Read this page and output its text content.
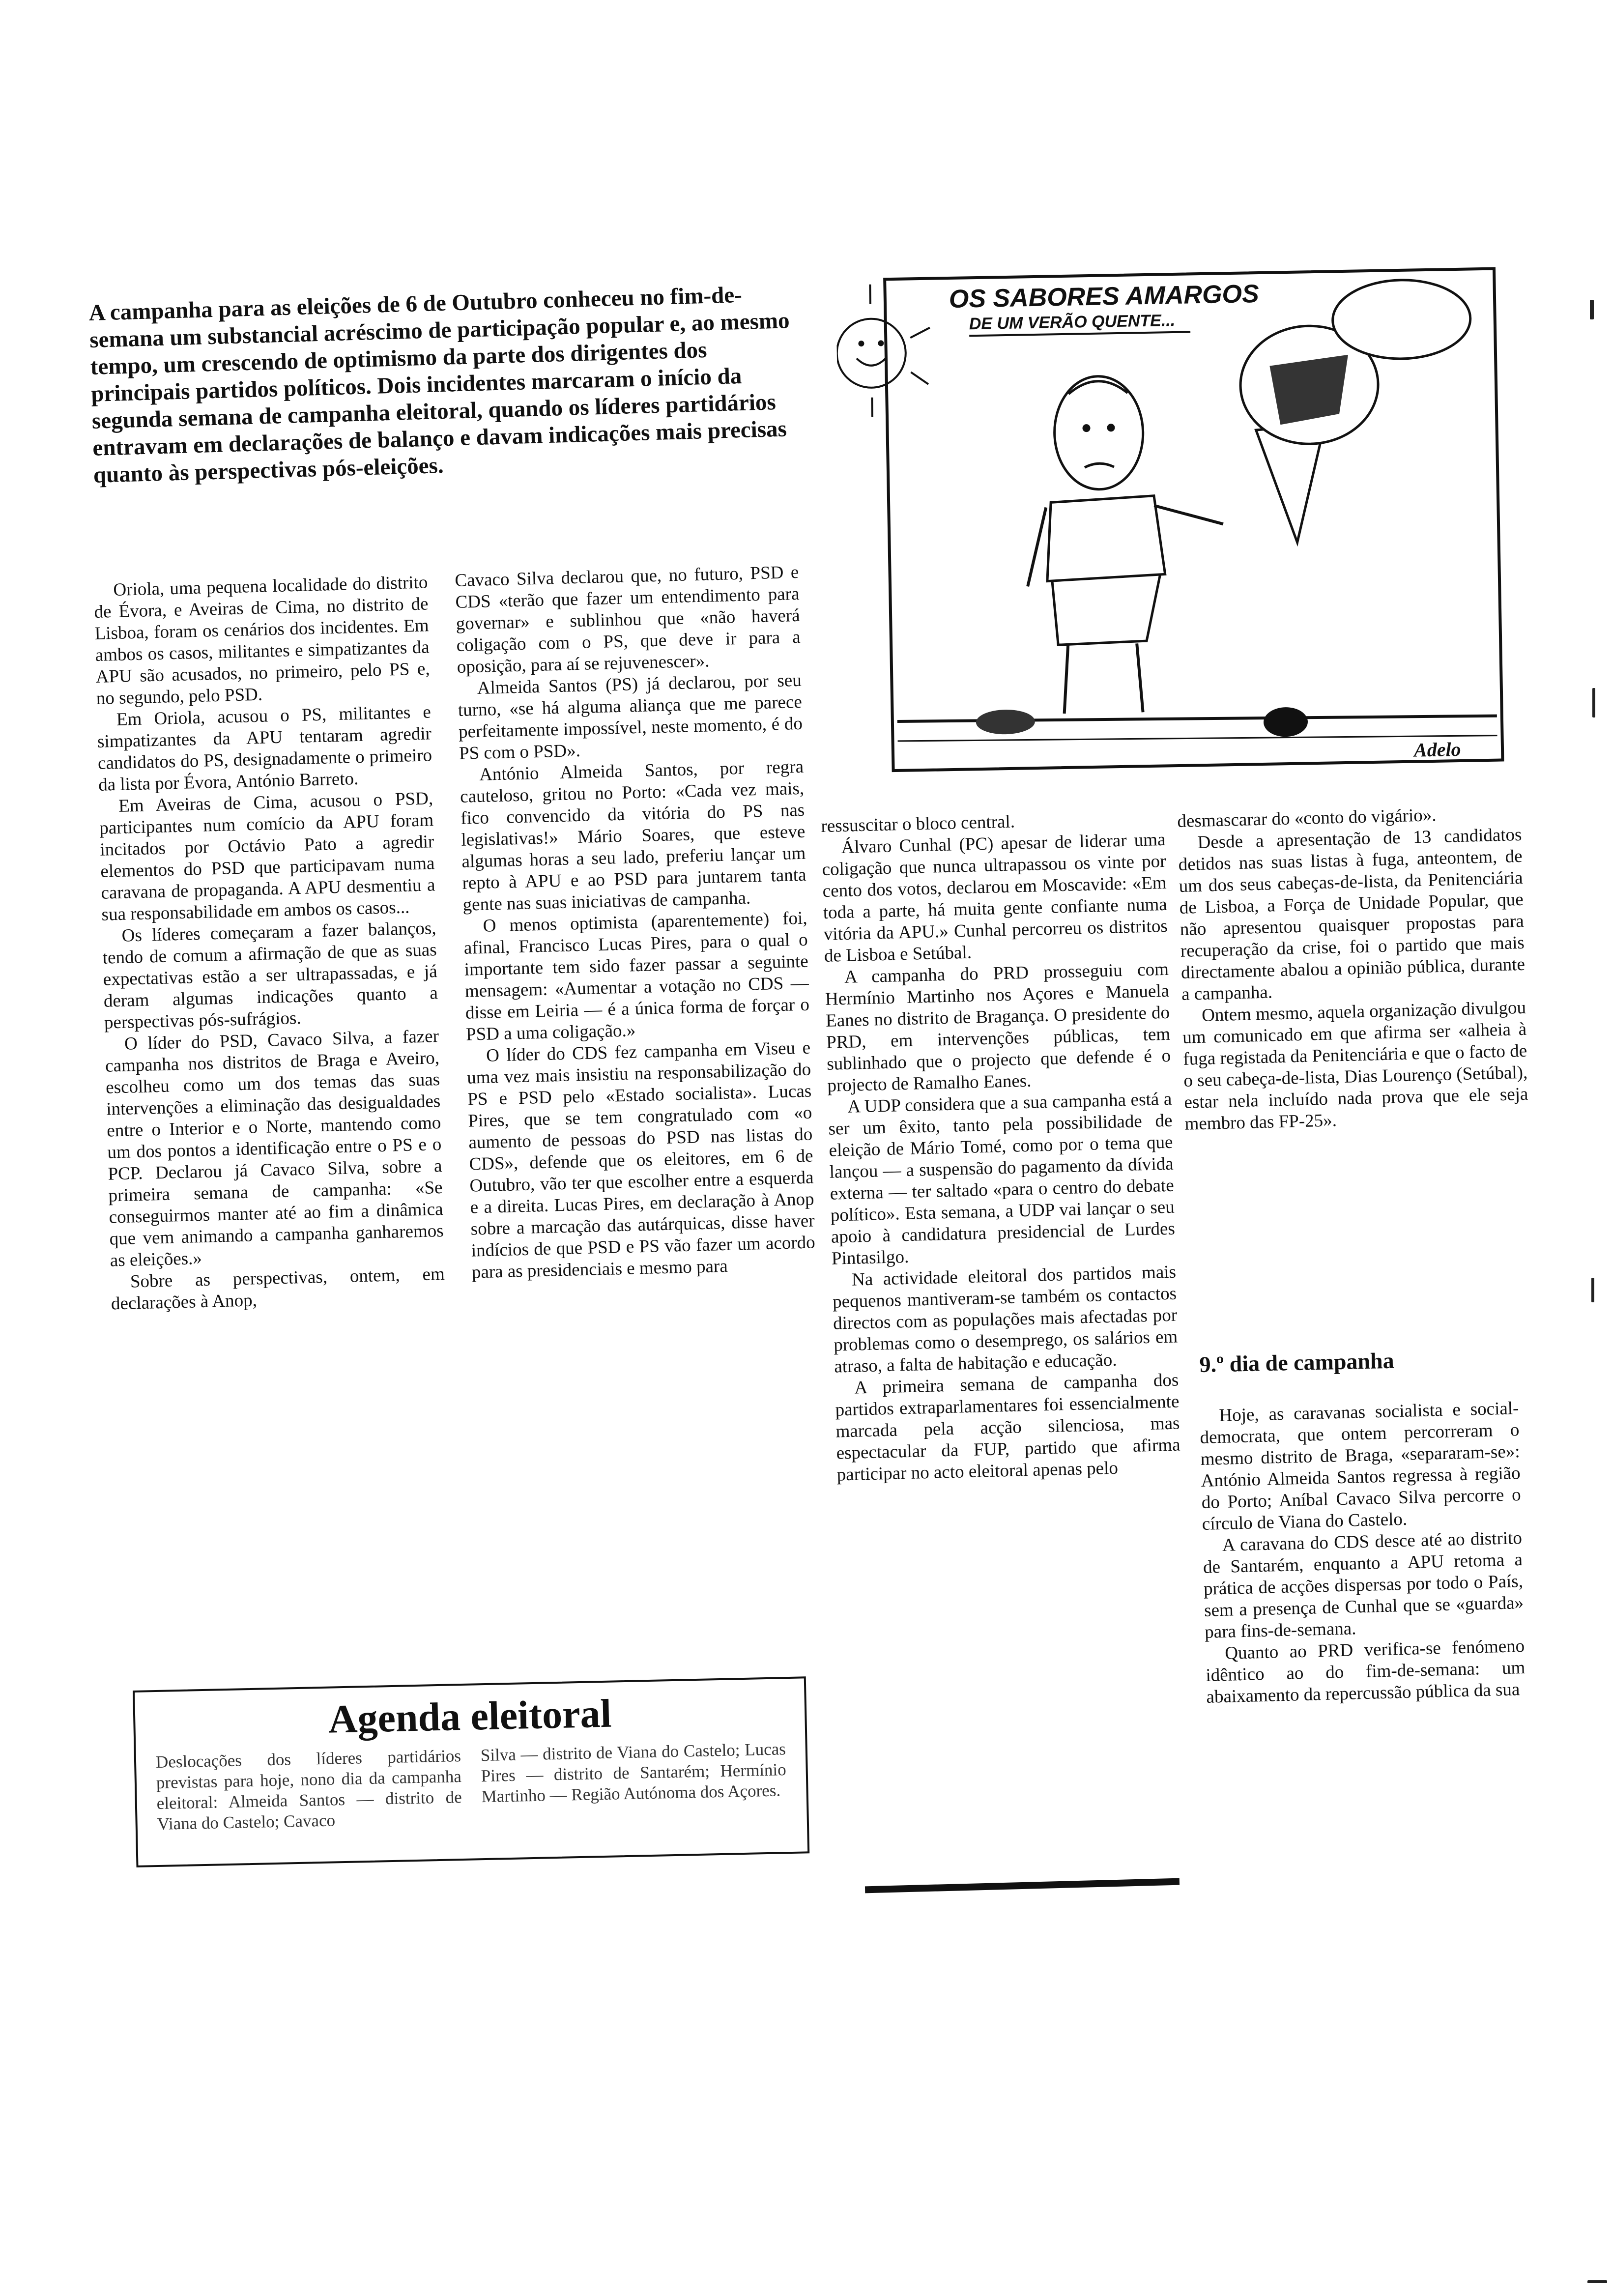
A campanha para as eleições de 6 de Outubro conheceu no fim-de-semana um substancial acréscimo de participação popular e, ao mesmo tempo, um crescendo de optimismo da parte dos dirigentes dos principais partidos políticos. Dois incidentes marcaram o início da segunda semana de campanha eleitoral, quando os líderes partidários entravam em declarações de balanço e davam indicações mais precisas quanto às perspectivas pós-eleições.
OS SABORES AMARGOS
DE UM VERÃO QUENTE...
Adelo

Oriola, uma pequena localidade do distrito de Évora, e Aveiras de Cima, no distrito de Lisboa, foram os cenários dos incidentes. Em ambos os casos, militantes e simpatizantes da APU são acusados, no primeiro, pelo PS e, no segundo, pelo PSD.

Em Oriola, acusou o PS, militantes e simpatizantes da APU tentaram agredir candidatos do PS, designadamente o primeiro da lista por Évora, António Barreto.

Em Aveiras de Cima, acusou o PSD, participantes num comício da APU foram incitados por Octávio Pato a agredir elementos do PSD que participavam numa caravana de propaganda. A APU desmentiu a sua responsabilidade em ambos os casos...

Os líderes começaram a fazer balanços, tendo de comum a afirmação de que as suas expectativas estão a ser ultrapassadas, e já deram algumas indicações quanto a perspectivas pós-sufrágios.

O líder do PSD, Cavaco Silva, a fazer campanha nos distritos de Braga e Aveiro, escolheu como um dos temas das suas intervenções a eliminação das desigualdades entre o Interior e o Norte, mantendo como um dos pontos a identificação entre o PS e o PCP. Declarou já Cavaco Silva, sobre a primeira semana de campanha: «Se conseguirmos manter até ao fim a dinâmica que vem animando a campanha ganharemos as eleições.»

Sobre as perspectivas, ontem, em declarações à Anop,

Cavaco Silva declarou que, no futuro, PSD e CDS «terão que fazer um entendimento para governar» e sublinhou que «não haverá coligação com o PS, que deve ir para a oposição, para aí se rejuvenescer».

Almeida Santos (PS) já declarou, por seu turno, «se há alguma aliança que me parece perfeitamente impossível, neste momento, é do PS com o PSD».

António Almeida Santos, por regra cauteloso, gritou no Porto: «Cada vez mais, fico convencido da vitória do PS nas legislativas!» Mário Soares, que esteve algumas horas a seu lado, preferiu lançar um repto à APU e ao PSD para juntarem tanta gente nas suas iniciativas de campanha.

O menos optimista (aparentemente) foi, afinal, Francisco Lucas Pires, para o qual o importante tem sido fazer passar a seguinte mensagem: «Aumentar a votação no CDS — disse em Leiria — é a única forma de forçar o PSD a uma coligação.»

O líder do CDS fez campanha em Viseu e uma vez mais insistiu na responsabilização do PS e PSD pelo «Estado socialista». Lucas Pires, que se tem congratulado com «o aumento de pessoas do PSD nas listas do CDS», defende que os eleitores, em 6 de Outubro, vão ter que escolher entre a esquerda e a direita. Lucas Pires, em declaração à Anop sobre a marcação das autárquicas, disse haver indícios de que PSD e PS vão fazer um acordo para as presidenciais e mesmo para

ressuscitar o bloco central.

Álvaro Cunhal (PC) apesar de liderar uma coligação que nunca ultrapassou os vinte por cento dos votos, declarou em Moscavide: «Em toda a parte, há muita gente confiante numa vitória da APU.» Cunhal percorreu os distritos de Lisboa e Setúbal.

A campanha do PRD prosseguiu com Hermínio Martinho nos Açores e Manuela Eanes no distrito de Bragança. O presidente do PRD, em intervenções públicas, tem sublinhado que o projecto que defende é o projecto de Ramalho Eanes.

A UDP considera que a sua campanha está a ser um êxito, tanto pela possibilidade de eleição de Mário Tomé, como por o tema que lançou — a suspensão do pagamento da dívida externa — ter saltado «para o centro do debate político». Esta semana, a UDP vai lançar o seu apoio à candidatura presidencial de Lurdes Pintasilgo.

Na actividade eleitoral dos partidos mais pequenos mantiveram-se também os contactos directos com as populações mais afectadas por problemas como o desemprego, os salários em atraso, a falta de habitação e educação.

A primeira semana de campanha dos partidos extraparlamentares foi essencialmente marcada pela acção silenciosa, mas espectacular da FUP, partido que afirma participar no acto eleitoral apenas pelo

desmascarar do «conto do vigário».

Desde a apresentação de 13 candidatos detidos nas suas listas à fuga, anteontem, de um dos seus cabeças-de-lista, da Penitenciária de Lisboa, a Força de Unidade Popular, que não apresentou quaisquer propostas para recuperação da crise, foi o partido que mais directamente abalou a opinião pública, durante a campanha.

Ontem mesmo, aquela organização divulgou um comunicado em que afirma ser «alheia à fuga registada da Penitenciária e que o facto de o seu cabeça-de-lista, Dias Lourenço (Setúbal), estar nela incluído nada prova que ele seja membro das FP-25».

9.º dia de campanha

Hoje, as caravanas socialista e social-democrata, que ontem percorreram o mesmo distrito de Braga, «separaram-se»: António Almeida Santos regressa à região do Porto; Aníbal Cavaco Silva percorre o círculo de Viana do Castelo.

A caravana do CDS desce até ao distrito de Santarém, enquanto a APU retoma a prática de acções dispersas por todo o País, sem a presença de Cunhal que se «guarda» para fins-de-semana.

Quanto ao PRD verifica-se fenómeno idêntico ao do fim-de-semana: um abaixamento da repercussão pública da sua

Agenda eleitoral
Deslocações dos líderes partidários previstas para hoje, nono dia da campanha eleitoral: Almeida Santos — distrito de Viana do Castelo; Cavaco
Silva — distrito de Viana do Castelo; Lucas Pires — distrito de Santarém; Hermínio Martinho — Região Autónoma dos Açores.
